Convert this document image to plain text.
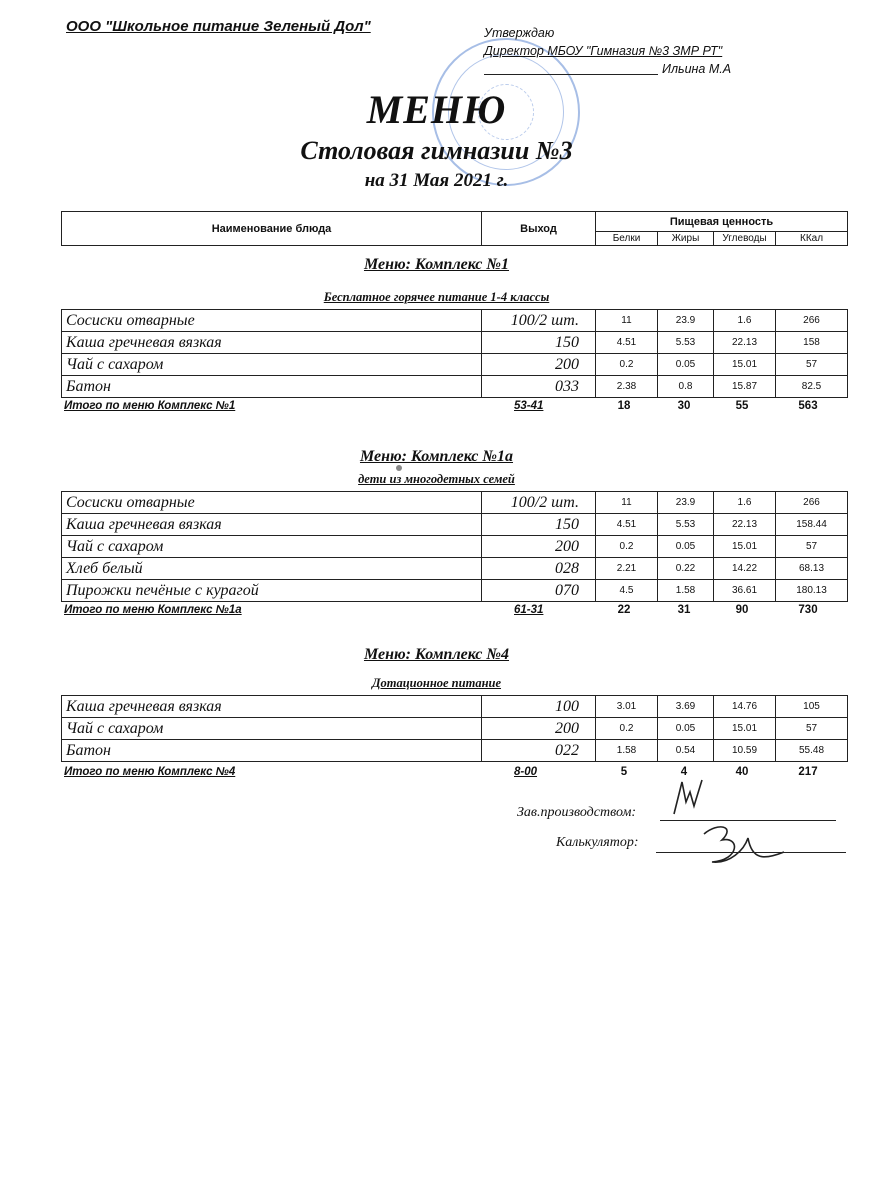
ООО "Школьное питание Зеленый Дол"	Утверждаю
Директор МБОУ "Гимназия №3 ЗМР РТ"
Ильина М.А
МЕНЮ
Столовая гимназии №3
на 31 Мая 2021 г.
Наименование блюда	Выход	Пищевая ценность			
		Белки	Жиры	Углеводы	ККал
Меню: Комплекс №1
Бесплатное горячее питание 1-4 классы
Сосиски отварные	100/2 шт.	11	23.9	1.6	266
Каша гречневая вязкая	150	4.51	5.53	22.13	158
Чай с сахаром	200	0.2	0.05	15.01	57
Батон	033	2.38	0.8	15.87	82.5
Итого по меню Комплекс №1	53-41	18	30	55	563
Меню: Комплекс №1а
дети из многодетных семей
Сосиски отварные	100/2 шт.	11	23.9	1.6	266
Каша гречневая вязкая	150	4.51	5.53	22.13	158.44
Чай с сахаром	200	0.2	0.05	15.01	57
Хлеб белый	028	2.21	0.22	14.22	68.13
Пирожки печёные с курагой	070	4.5	1.58	36.61	180.13
Итого по меню Комплекс №1а	61-31	22	31	90	730
Меню: Комплекс №4
Дотационное питание
Каша гречневая вязкая	100	3.01	3.69	14.76	105
Чай с сахаром	200	0.2	0.05	15.01	57
Батон	022	1.58	0.54	10.59	55.48
Итого по меню Комплекс №4	8-00	5	4	40	217
Зав.производством:
Калькулятор:
